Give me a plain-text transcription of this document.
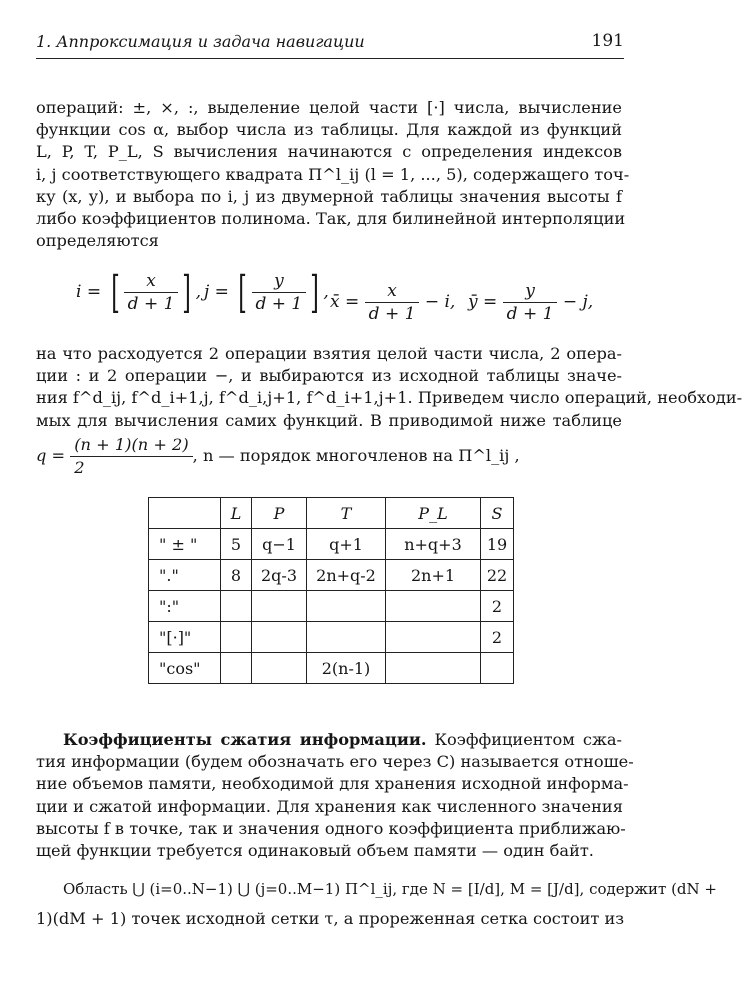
1. Аппроксимация и задача навигации	191
операций: ±, ×, :, выделение целой части [·] числа, вычисление
функции cos α, выбор числа из таблицы. Для каждой из функций
L, P, T, P_L, S вычисления начинаются с определения индексов
i, j соответствующего квадрата Π^l_ij (l = 1, ..., 5), содержащего точ-
ку (x, y), и выбора по i, j из двумерной таблицы значения высоты f
либо коэффициентов полинома. Так, для билинейной интерполяции
определяются
i = [ $\frac{x}{d + 1}$ ] , j = [ $\frac{y}{d + 1}$ ] , x̄ = $\frac{x}{d + 1} - i$, ȳ = $\frac{y}{d + 1} - j$,
на что расходуется 2 операции взятия целой части числа, 2 опера-
ции : и 2 операции −, и выбираются из исходной таблицы значе-
ния f^d_ij, f^d_i+1,j, f^d_i,j+1, f^d_i+1,j+1. Приведем число операций, необходи-
мых для вычисления самих функций. В приводимой ниже таблице
$q = \frac{(n + 1)(n + 2)}{2}$ , n — порядок многочленов на Π^l_ij ,
	L	P	T	P_L	S
" ± "	5	q−1	q+1	n+q+3	19
"."	8	2q-3	2n+q-2	2n+1	22
":"					2
"[·]"					2
"cos"			2(n-1)		
Коэффициенты сжатия информации. Коэффициентом сжа-
тия информации (будем обозначать его через C) называется отноше-
ние объемов памяти, необходимой для хранения исходной информа-
ции и сжатой информации. Для хранения как численного значения
высоты f в точке, так и значения одного коэффициента приближаю-
щей функции требуется одинаковый объем памяти — один байт.
Область ⋃ (i=0..N−1) ⋃ (j=0..M−1) Π^l_ij, где N = [I/d], M = [J/d], содержит (dN +
1)(dM + 1) точек исходной сетки τ, а прореженная сетка состоит из
